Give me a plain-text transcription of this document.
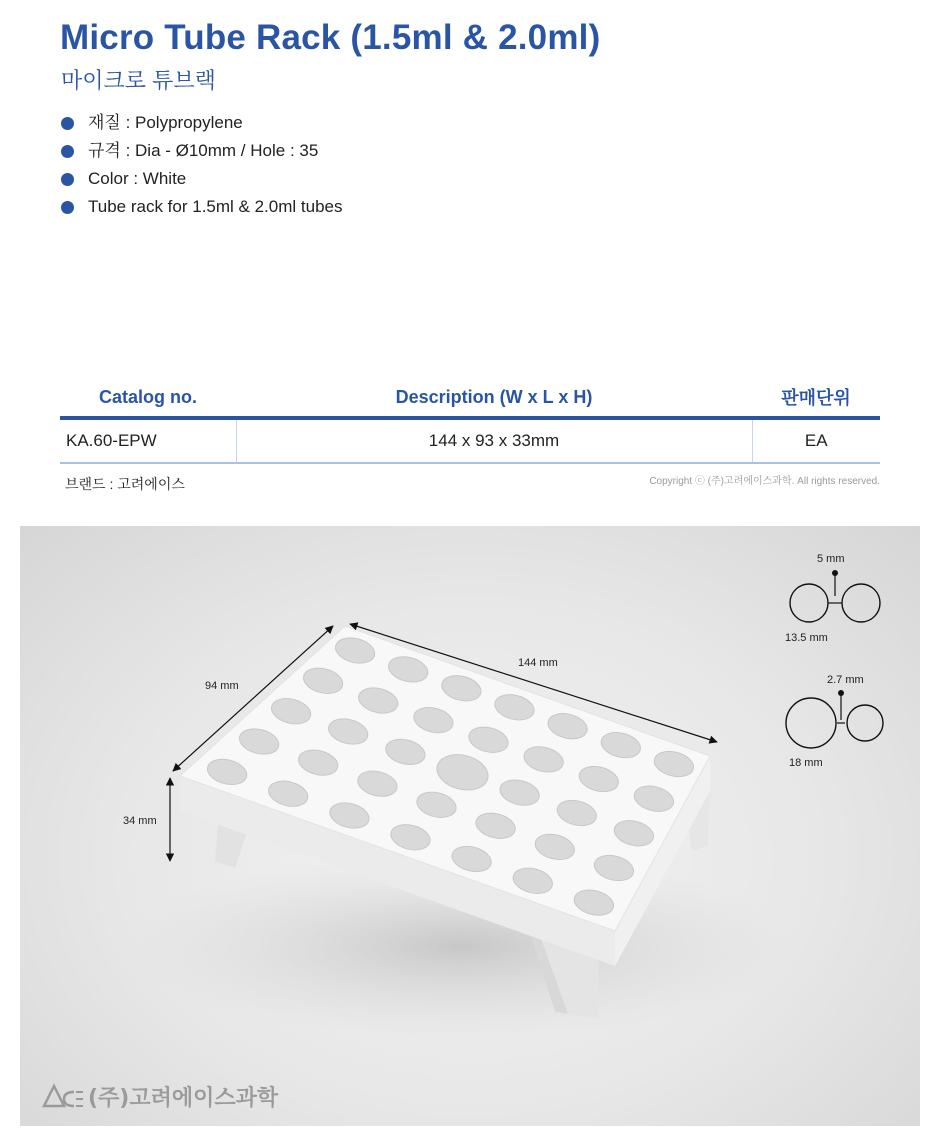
Micro Tube Rack (1.5ml & 2.0ml)
마이크로 튜브랙
재질 : Polypropylene
규격 : Dia - Ø10mm / Hole : 35
Color : White
Tube rack for 1.5ml & 2.0ml tubes
Catalog no.	Description (W x L x H)	판매단위
KA.60-EPW	144 x 93 x 33mm	EA
브랜드 : 고려에이스	Copyright ⓒ (주)고려에이스과학. All rights reserved.
144 mm
94 mm
34 mm
5 mm
13.5 mm
2.7 mm
18 mm
(주)고려에이스과학
